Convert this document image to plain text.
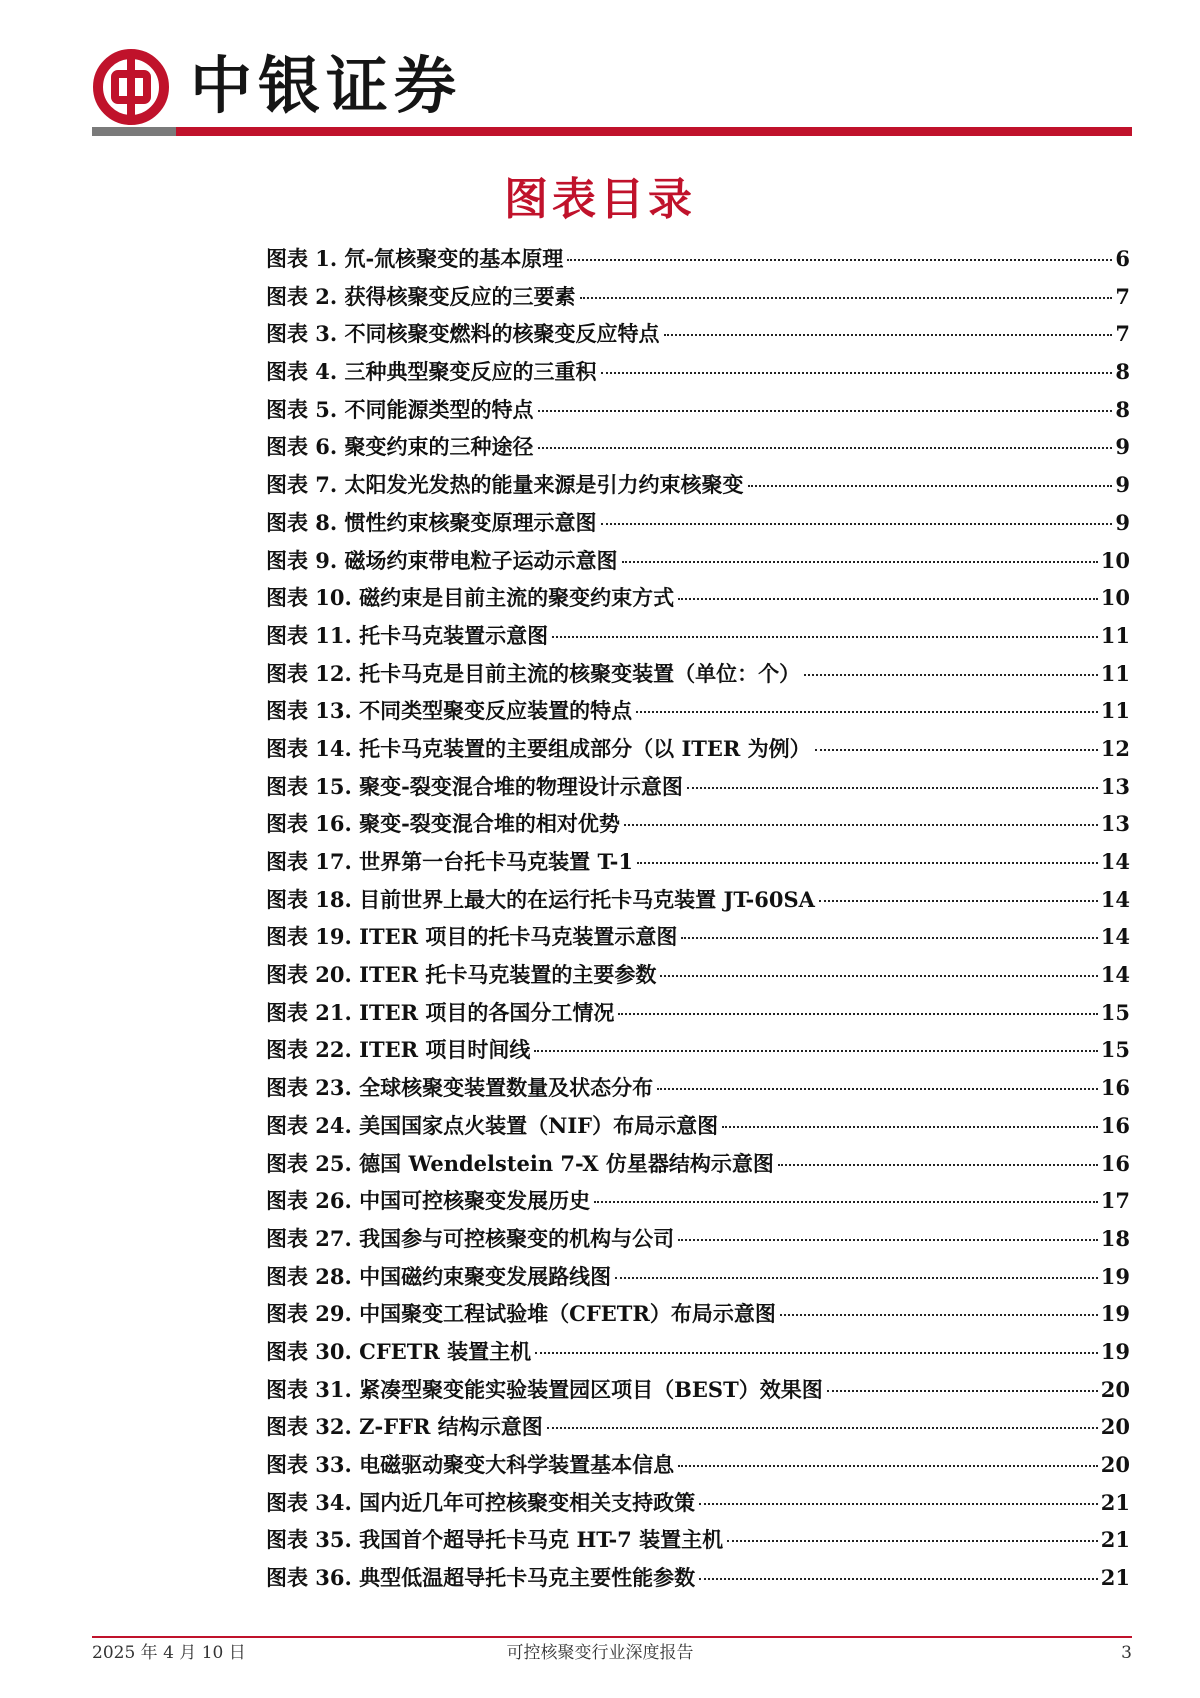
中银证券
图表目录
图表 1. 氘-氚核聚变的基本原理	6
图表 2. 获得核聚变反应的三要素	7
图表 3. 不同核聚变燃料的核聚变反应特点	7
图表 4. 三种典型聚变反应的三重积	8
图表 5. 不同能源类型的特点	8
图表 6. 聚变约束的三种途径	9
图表 7. 太阳发光发热的能量来源是引力约束核聚变	9
图表 8. 惯性约束核聚变原理示意图	9
图表 9. 磁场约束带电粒子运动示意图	10
图表 10. 磁约束是目前主流的聚变约束方式	10
图表 11. 托卡马克装置示意图	11
图表 12. 托卡马克是目前主流的核聚变装置（单位：个）	11
图表 13. 不同类型聚变反应装置的特点	11
图表 14. 托卡马克装置的主要组成部分（以 ITER 为例）	12
图表 15. 聚变-裂变混合堆的物理设计示意图	13
图表 16. 聚变-裂变混合堆的相对优势	13
图表 17. 世界第一台托卡马克装置 T-1	14
图表 18. 目前世界上最大的在运行托卡马克装置 JT-60SA	14
图表 19. ITER 项目的托卡马克装置示意图	14
图表 20. ITER 托卡马克装置的主要参数	14
图表 21. ITER 项目的各国分工情况	15
图表 22. ITER 项目时间线	15
图表 23. 全球核聚变装置数量及状态分布	16
图表 24. 美国国家点火装置（NIF）布局示意图	16
图表 25. 德国 Wendelstein 7-X 仿星器结构示意图	16
图表 26. 中国可控核聚变发展历史	17
图表 27. 我国参与可控核聚变的机构与公司	18
图表 28. 中国磁约束聚变发展路线图	19
图表 29. 中国聚变工程试验堆（CFETR）布局示意图	19
图表 30. CFETR 装置主机	19
图表 31. 紧凑型聚变能实验装置园区项目（BEST）效果图	20
图表 32. Z-FFR 结构示意图	20
图表 33. 电磁驱动聚变大科学装置基本信息	20
图表 34. 国内近几年可控核聚变相关支持政策	21
图表 35. 我国首个超导托卡马克 HT-7 装置主机	21
图表 36. 典型低温超导托卡马克主要性能参数	21
2025 年 4 月 10 日	可控核聚变行业深度报告	3
